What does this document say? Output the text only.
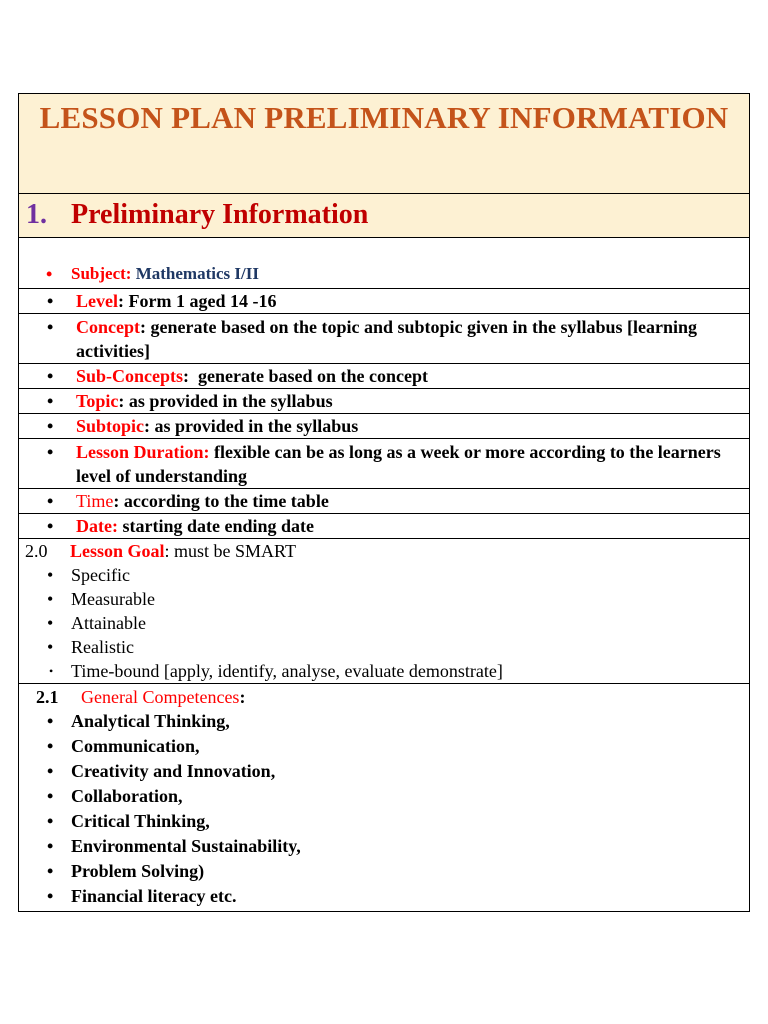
LESSON PLAN PRELIMINARY INFORMATION

1. Preliminary Information

•	Subject: Mathematics I/II

•	Level: Form 1 aged 14 -16

•	Concept: generate based on the topic and subtopic given in the syllabus [learning activities]

•	Sub-Concepts:  generate based on the concept

•	Topic: as provided in the syllabus

•	Subtopic: as provided in the syllabus

•	Lesson Duration: flexible can be as long as a week or more according to the learners level of understanding

•	Time: according to the time table

•	Date: starting date ending date

2.0 Lesson Goal: must be SMART
• Specific
• Measurable
• Attainable
• Realistic
• Time-bound [apply, identify, analyse, evaluate demonstrate]

2.1 General Competences:
• Analytical Thinking,
• Communication,
• Creativity and Innovation,
• Collaboration,
• Critical Thinking,
• Environmental Sustainability,
• Problem Solving)
• Financial literacy etc.
